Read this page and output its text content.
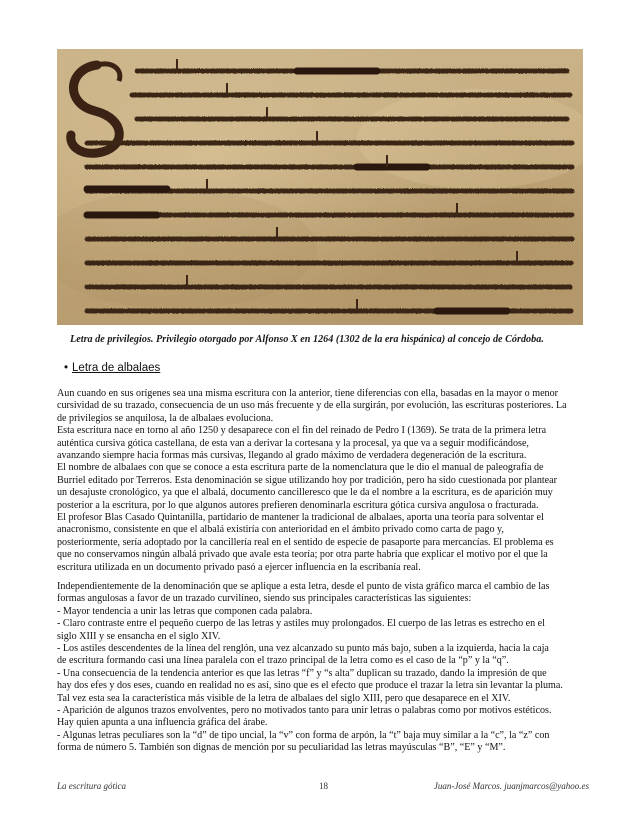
Letra de privilegios. Privilegio otorgado por Alfonso X en 1264 (1302 de la era hispánica) al concejo de Córdoba.
• Letra de albalaes
Aun cuando en sus orígenes sea una misma escritura con la anterior, tiene diferencias con ella, basadas en la mayor o menor
cursividad de su trazado, consecuencia de un uso más frecuente y de ella surgirán, por evolución, las escrituras posteriores. La
de privilegios se anquilosa, la de albalaes evoluciona.
Esta escritura nace en torno al año 1250 y desaparece con el fin del reinado de Pedro I (1369). Se trata de la primera letra
auténtica cursiva gótica castellana, de esta van a derivar la cortesana y la procesal, ya que va a seguir modificándose,
avanzando siempre hacia formas más cursivas, llegando al grado máximo de verdadera degeneración de la escritura.
El nombre de albalaes con que se conoce a esta escritura parte de la nomenclatura que le dio el manual de paleografía de
Burriel editado por Terreros. Esta denominación se sigue utilizando hoy por tradición, pero ha sido cuestionada por plantear
un desajuste cronológico, ya que el albalá, documento cancilleresco que le da el nombre a la escritura, es de aparición muy
posterior a la escritura, por lo que algunos autores prefieren denominarla escritura gótica cursiva angulosa o fracturada.
El profesor Blas Casado Quintanilla, partidario de mantener la tradicional de albalaes, aporta una teoría para solventar el
anacronismo, consistente en que el albalá existiría con anterioridad en el ámbito privado como carta de pago y,
posteriormente, sería adoptado por la cancillería real en el sentido de especie de pasaporte para mercancías. El problema es
que no conservamos ningún albalá privado que avale esta teoría; por otra parte habría que explicar el motivo por el que la
escritura utilizada en un documento privado pasó a ejercer influencia en la escribanía real.
Independientemente de la denominación que se aplique a esta letra, desde el punto de vista gráfico marca el cambio de las
formas angulosas a favor de un trazado curvilíneo, siendo sus principales características las siguientes:
- Mayor tendencia a unir las letras que componen cada palabra.
- Claro contraste entre el pequeño cuerpo de las letras y astiles muy prolongados. El cuerpo de las letras es estrecho en el
siglo XIII y se ensancha en el siglo XIV.
- Los astiles descendentes de la línea del renglón, una vez alcanzado su punto más bajo, suben a la izquierda, hacia la caja
de escritura formando casi una línea paralela con el trazo principal de la letra como es el caso de la “p” y la “q”.
- Una consecuencia de la tendencia anterior es que las letras “f” y “s alta” duplican su trazado, dando la impresión de que
hay dos efes y dos eses, cuando en realidad no es así, sino que es el efecto que produce el trazar la letra sin levantar la pluma.
Tal vez esta sea la característica más visible de la letra de albalaes del siglo XIII, pero que desaparece en el XIV.
- Aparición de algunos trazos envolventes, pero no motivados tanto para unir letras o palabras como por motivos estéticos.
Hay quien apunta a una influencia gráfica del árabe.
- Algunas letras peculiares son la “d” de tipo uncial, la “v” con forma de arpón, la “t” baja muy similar a la “c”, la “z” con
forma de número 5. También son dignas de mención por su peculiaridad las letras mayúsculas “B”, “E” y “M”.
La escritura gótica	18	Juan-José Marcos. juanjmarcos@yahoo.es
